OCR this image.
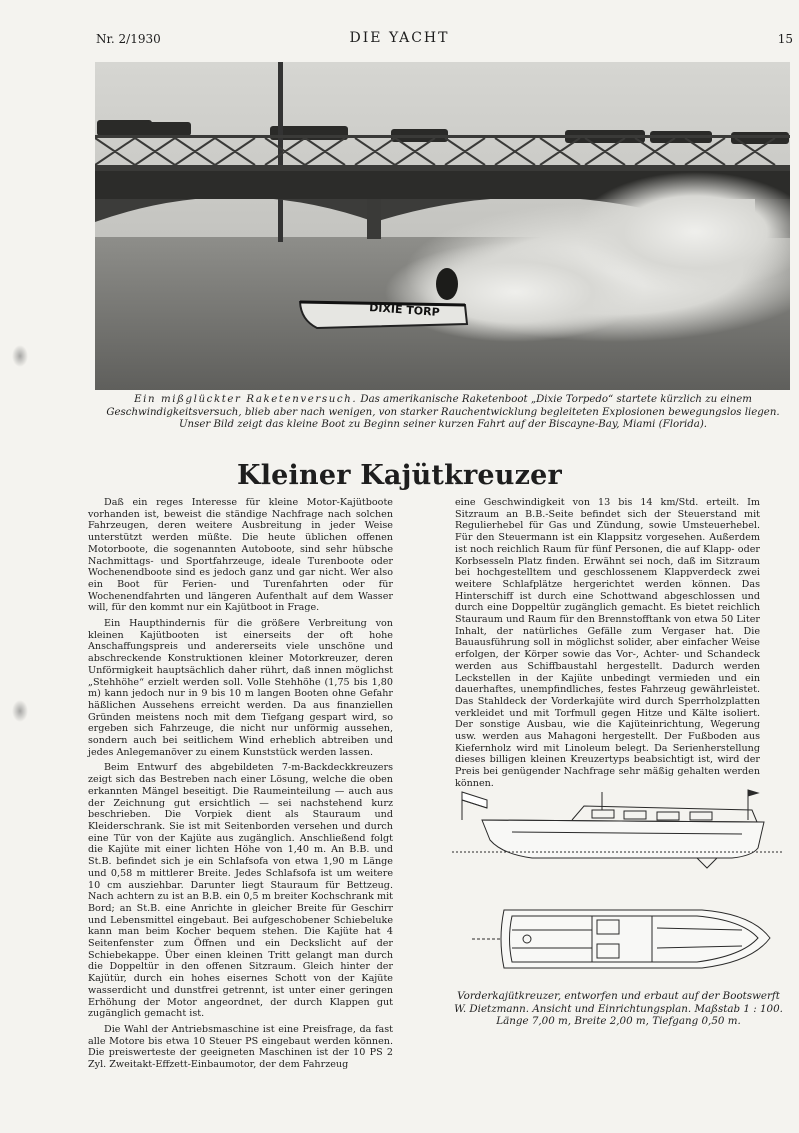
Nr. 2/1930	DIE YACHT	15
DIXIE TORP
Ein mißglückter Raketenversuch. Das amerikanische Raketenboot „Dixie Torpedo“ startete kürzlich zu einem Geschwindigkeitsversuch, blieb aber nach wenigen, von starker Rauchentwicklung begleiteten Explosionen bewegungslos liegen. Unser Bild zeigt das kleine Boot zu Beginn seiner kurzen Fahrt auf der Biscayne-Bay, Miami (Florida).
Kleiner Kajütkreuzer

Daß ein reges Interesse für kleine Motor-Kajütboote vorhanden ist, beweist die ständige Nachfrage nach solchen Fahrzeugen, deren weitere Ausbreitung in jeder Weise unterstützt werden müßte. Die heute üblichen offenen Motorboote, die sogenannten Autoboote, sind sehr hübsche Nachmittags- und Sportfahrzeuge, ideale Turenboote oder Wochenendboote sind es jedoch ganz und gar nicht. Wer also ein Boot für Ferien- und Turenfahrten oder für Wochenendfahrten und längeren Aufenthalt auf dem Wasser will, für den kommt nur ein Kajütboot in Frage.

Ein Haupthindernis für die größere Verbreitung von kleinen Kajütbooten ist einerseits der oft hohe Anschaffungspreis und andererseits viele unschöne und abschreckende Konstruktionen kleiner Motorkreuzer, deren Unförmigkeit hauptsächlich daher rührt, daß innen möglichst „Stehhöhe“ erzielt werden soll. Volle Stehhöhe (1,75 bis 1,80 m) kann jedoch nur in 9 bis 10 m langen Booten ohne Gefahr häßlichen Aussehens erreicht werden. Da aus finanziellen Gründen meistens noch mit dem Tiefgang gespart wird, so ergeben sich Fahrzeuge, die nicht nur unförmig aussehen, sondern auch bei seitlichem Wind erheblich abtreiben und jedes Anlegemanöver zu einem Kunststück werden lassen.

Beim Entwurf des abgebildeten 7-m-Backdeckkreuzers zeigt sich das Bestreben nach einer Lösung, welche die oben erkannten Mängel beseitigt. Die Raumeinteilung — auch aus der Zeichnung gut ersichtlich — sei nachstehend kurz beschrieben. Die Vorpiek dient als Stauraum und Kleiderschrank. Sie ist mit Seitenborden versehen und durch eine Tür von der Kajüte aus zugänglich. Anschließend folgt die Kajüte mit einer lichten Höhe von 1,40 m. An B.B. und St.B. befindet sich je ein Schlafsofa von etwa 1,90 m Länge und 0,58 m mittlerer Breite. Jedes Schlafsofa ist um weitere 10 cm ausziehbar. Darunter liegt Stauraum für Bettzeug. Nach achtern zu ist an B.B. ein 0,5 m breiter Kochschrank mit Bord; an St.B. eine Anrichte in gleicher Breite für Geschirr und Lebensmittel eingebaut. Bei aufgeschobener Schiebeluke kann man beim Kocher bequem stehen. Die Kajüte hat 4 Seitenfenster zum Öffnen und ein Deckslicht auf der Schiebekappe. Über einen kleinen Tritt gelangt man durch die Doppeltür in den offenen Sitzraum. Gleich hinter der Kajütür, durch ein hohes eisernes Schott von der Kajüte wasserdicht und dunstfrei getrennt, ist unter einer geringen Erhöhung der Motor angeordnet, der durch Klappen gut zugänglich gemacht ist.

Die Wahl der Antriebsmaschine ist eine Preisfrage, da fast alle Motore bis etwa 10 Steuer PS eingebaut werden können. Die preiswerteste der geeigneten Maschinen ist der 10 PS 2 Zyl. Zweitakt-Effzett-Einbaumotor, der dem Fahrzeug

eine Geschwindigkeit von 13 bis 14 km/Std. erteilt. Im Sitzraum an B.B.-Seite befindet sich der Steuerstand mit Regulierhebel für Gas und Zündung, sowie Umsteuerhebel. Für den Steuermann ist ein Klappsitz vorgesehen. Außerdem ist noch reichlich Raum für fünf Personen, die auf Klapp- oder Korbsesseln Platz finden. Erwähnt sei noch, daß im Sitzraum bei hochgestelltem und geschlossenem Klappverdeck zwei weitere Schlafplätze hergerichtet werden können. Das Hinterschiff ist durch eine Schottwand abgeschlossen und durch eine Doppeltür zugänglich gemacht. Es bietet reichlich Stauraum und Raum für den Brennstofftank von etwa 50 Liter Inhalt, der natürliches Gefälle zum Vergaser hat. Die Bauausführung soll in möglichst solider, aber einfacher Weise erfolgen, der Körper sowie das Vor-, Achter- und Schandeck werden aus Schiffbaustahl hergestellt. Dadurch werden Leckstellen in der Kajüte unbedingt vermieden und ein dauerhaftes, unempfindliches, festes Fahrzeug gewährleistet. Das Stahldeck der Vorderkajüte wird durch Sperrholzplatten verkleidet und mit Torfmull gegen Hitze und Kälte isoliert. Der sonstige Ausbau, wie die Kajüteinrichtung, Wegerung usw. werden aus Mahagoni hergestellt. Der Fußboden aus Kiefernholz wird mit Linoleum belegt. Da Serienherstellung dieses billigen kleinen Kreuzertyps beabsichtigt ist, wird der Preis bei genügender Nachfrage sehr mäßig gehalten werden können.

Vorderkajütkreuzer, entworfen und erbaut auf der Bootswerft
W. Dietzmann. Ansicht und Einrichtungsplan. Maßstab 1 : 100.
Länge 7,00 m, Breite 2,00 m, Tiefgang 0,50 m.
